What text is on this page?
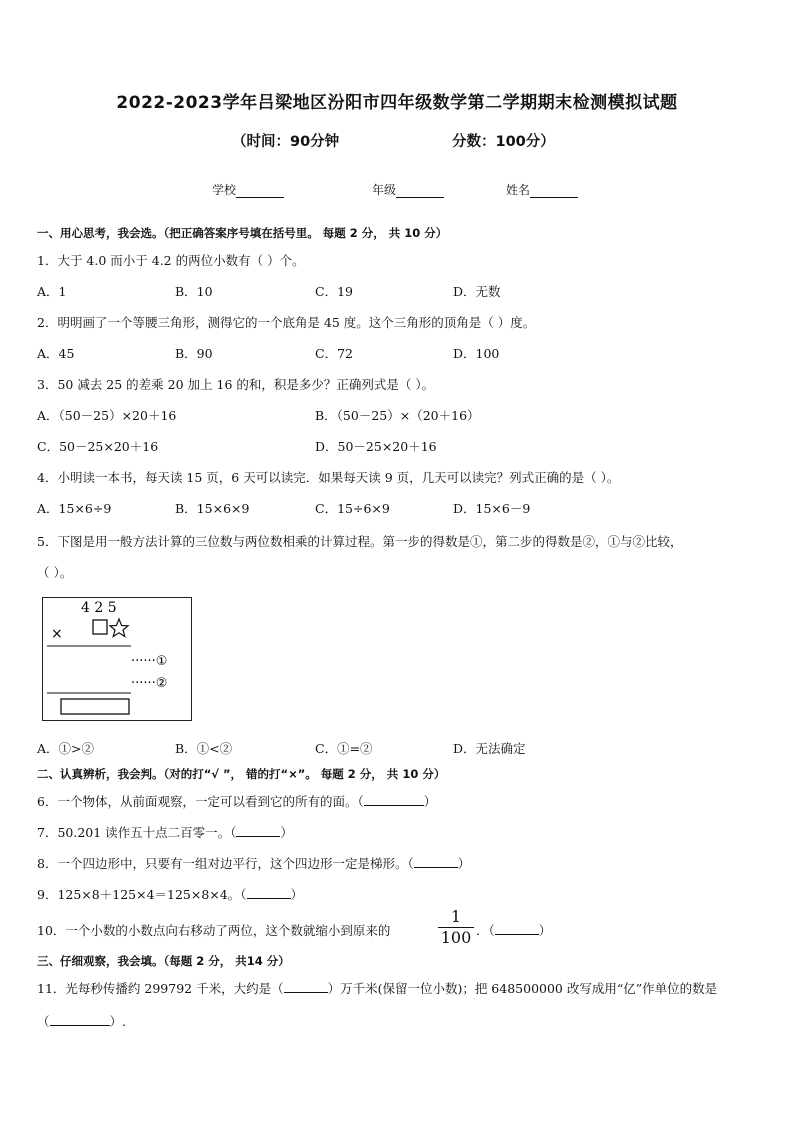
2022-2023学年吕梁地区汾阳市四年级数学第二学期期末检测模拟试题
（时间：90分钟	分数：100分）
学校	年级	姓名
一、用心思考，我会选。（把正确答案序号填在括号里。 每题 2 分， 共 10 分）
1．大于 4.0 而小于 4.2 的两位小数有（ ）个。
A．1	B．10	C．19	D．无数
2．明明画了一个等腰三角形，测得它的一个底角是 45 度。这个三角形的顶角是（ ）度。
A．45	B．90	C．72	D．100
3．50 减去 25 的差乘 20 加上 16 的和，积是多少？正确列式是（ ）。
A．（50－25）×20＋16	B．（50－25）×（20＋16）
C．50－25×20＋16	D．50－25×20＋16
4．小明读一本书，每天读 15 页，6 天可以读完．如果每天读 9 页，几天可以读完？列式正确的是（ ）。
A．15×6÷9	B．15×6×9	C．15÷6×9	D．15×6－9
5．下图是用一般方法计算的三位数与两位数相乘的计算过程。第一步的得数是①，第二步的得数是②，①与②比较，
（ ）。
4 2 5
×
······①
······②
A．①>②	B．①<②	C．①=②	D．无法确定
二、认真辨析，我会判。（对的打“√ ”， 错的打“×”。 每题 2 分， 共 10 分）
6．一个物体，从前面观察，一定可以看到它的所有的面。（	）
7．50.201 读作五十点二百零一。（	）
8．一个四边形中，只要有一组对边平行，这个四边形一定是梯形。（	）
9．125×8＋125×4＝125×8×4。（	）
10．一个小数的小数点向右移动了两位，这个数就缩小到原来的
1
100 ．（	）
三、仔细观察，我会填。（每题 2 分， 共14 分）
11．光每秒传播约 299792 千米，大约是（	）万千米(保留一位小数)；把 648500000 改写成用“亿”作单位的数是
（	）.
